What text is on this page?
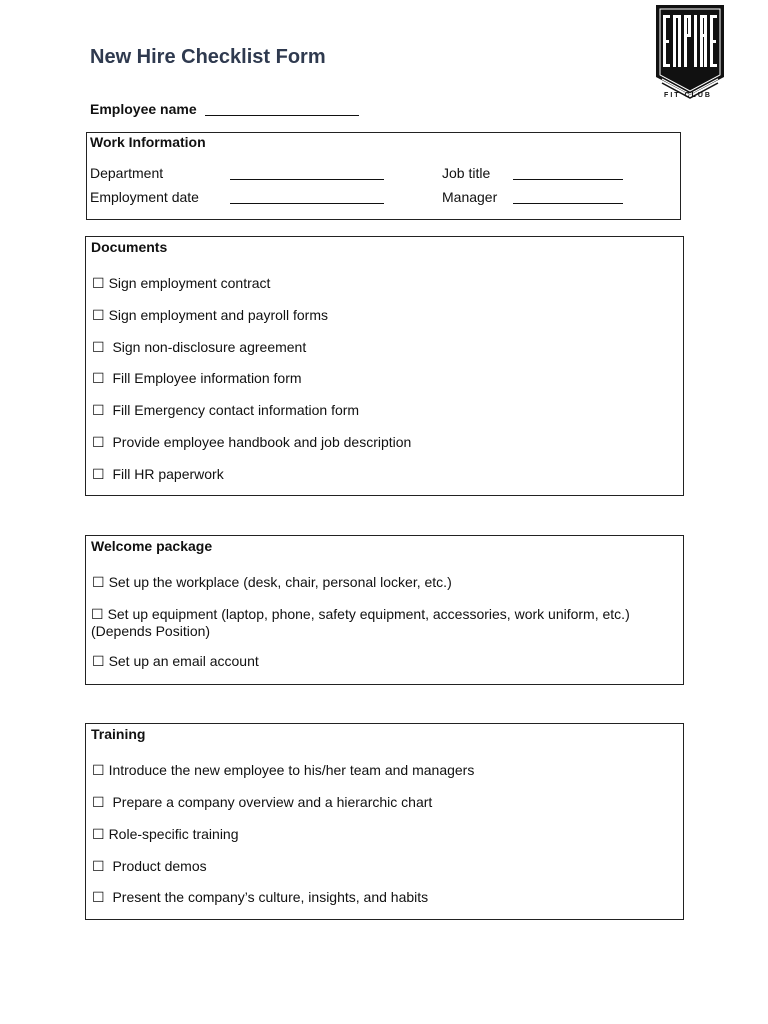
New Hire Checklist Form
FIT CLUB
Employee name
Work Information
Department
Employment date
Job title
Manager
Documents
☐ Sign employment contract
☐ Sign employment and payroll forms
☐ Sign non-disclosure agreement
☐ Fill Employee information form
☐ Fill Emergency contact information form
☐ Provide employee handbook and job description
☐ Fill HR paperwork
Welcome package
☐ Set up the workplace (desk, chair, personal locker, etc.)
☐ Set up equipment (laptop, phone, safety equipment, accessories, work uniform, etc.) (Depends Position)
☐ Set up an email account
Training
☐ Introduce the new employee to his/her team and managers
☐ Prepare a company overview and a hierarchic chart
☐ Role-specific training
☐ Product demos
☐ Present the company’s culture, insights, and habits
